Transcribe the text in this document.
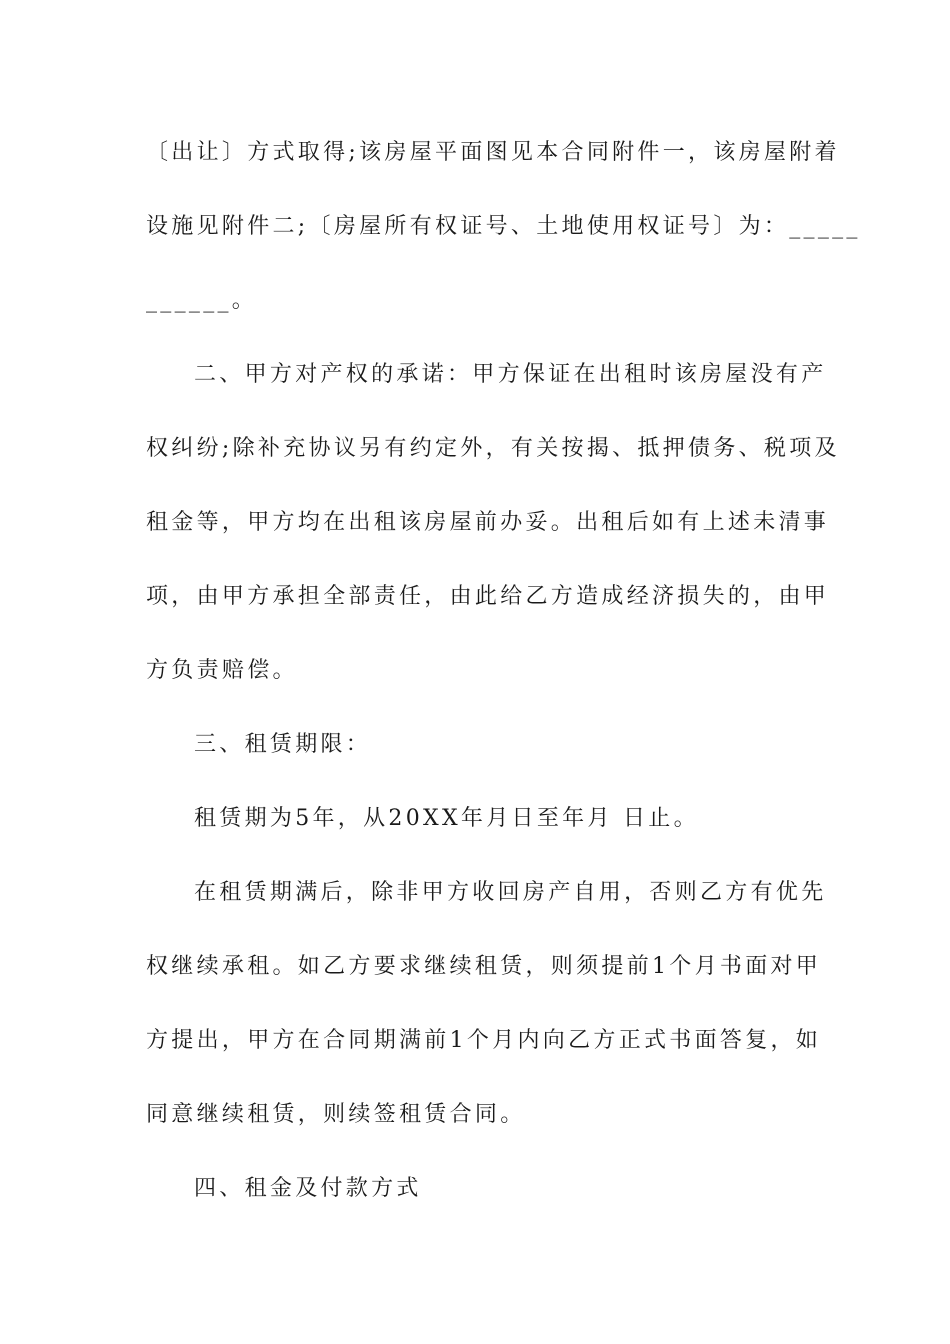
〔出让〕方式取得;该房屋平面图见本合同附件一，该房屋附着
设施见附件二;〔房屋所有权证号、土地使用权证号〕为：_____
______。
二、甲方对产权的承诺：甲方保证在出租时该房屋没有产
权纠纷;除补充协议另有约定外，有关按揭、抵押债务、税项及
租金等，甲方均在出租该房屋前办妥。出租后如有上述未清事
项，由甲方承担全部责任，由此给乙方造成经济损失的，由甲
方负责赔偿。
三、租赁期限：
租赁期为5年，从20XX年月日至年月 日止。
在租赁期满后，除非甲方收回房产自用，否则乙方有优先
权继续承租。如乙方要求继续租赁，则须提前1个月书面对甲
方提出，甲方在合同期满前1个月内向乙方正式书面答复，如
同意继续租赁，则续签租赁合同。
四、租金及付款方式
